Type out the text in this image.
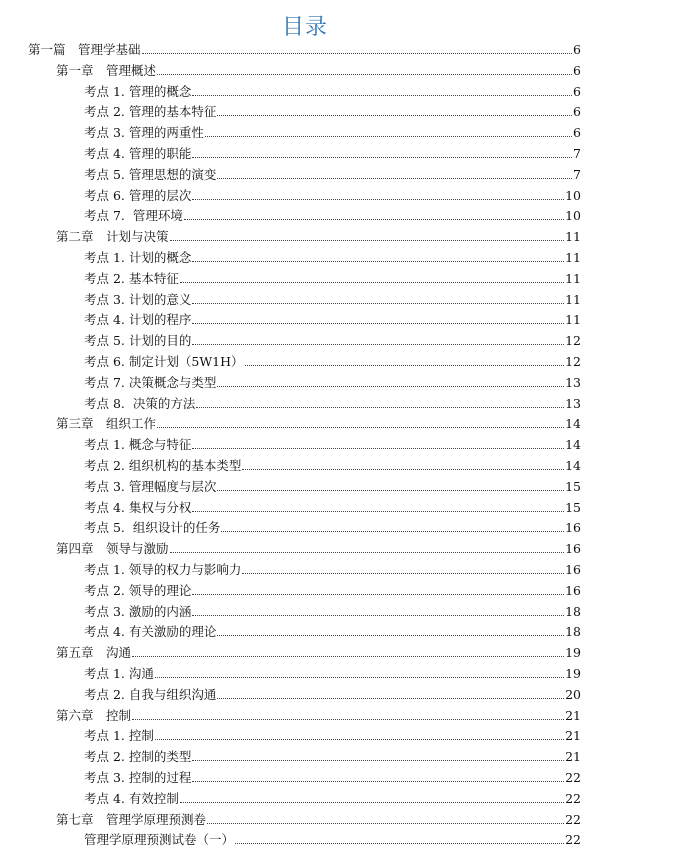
目录
第一篇　管理学基础	6
第一章　管理概述	6
考点 1. 管理的概念	6
考点 2. 管理的基本特征	6
考点 3. 管理的两重性	6
考点 4. 管理的职能	7
考点 5. 管理思想的演变	7
考点 6. 管理的层次	10
考点 7.  管理环境	10
第二章　计划与决策	11
考点 1. 计划的概念	11
考点 2. 基本特征	11
考点 3. 计划的意义	11
考点 4. 计划的程序	11
考点 5. 计划的目的	12
考点 6. 制定计划（5W1H）	12
考点 7. 决策概念与类型	13
考点 8.  决策的方法	13
第三章　组织工作	14
考点 1. 概念与特征	14
考点 2. 组织机构的基本类型	14
考点 3. 管理幅度与层次	15
考点 4. 集权与分权	15
考点 5.  组织设计的任务	16
第四章　领导与激励	16
考点 1. 领导的权力与影响力	16
考点 2. 领导的理论	16
考点 3. 激励的内涵	18
考点 4. 有关激励的理论	18
第五章　沟通	19
考点 1. 沟通	19
考点 2. 自我与组织沟通	20
第六章　控制	21
考点 1. 控制	21
考点 2. 控制的类型	21
考点 3. 控制的过程	22
考点 4. 有效控制	22
第七章　管理学原理预测卷	22
管理学原理预测试卷（一）	22
